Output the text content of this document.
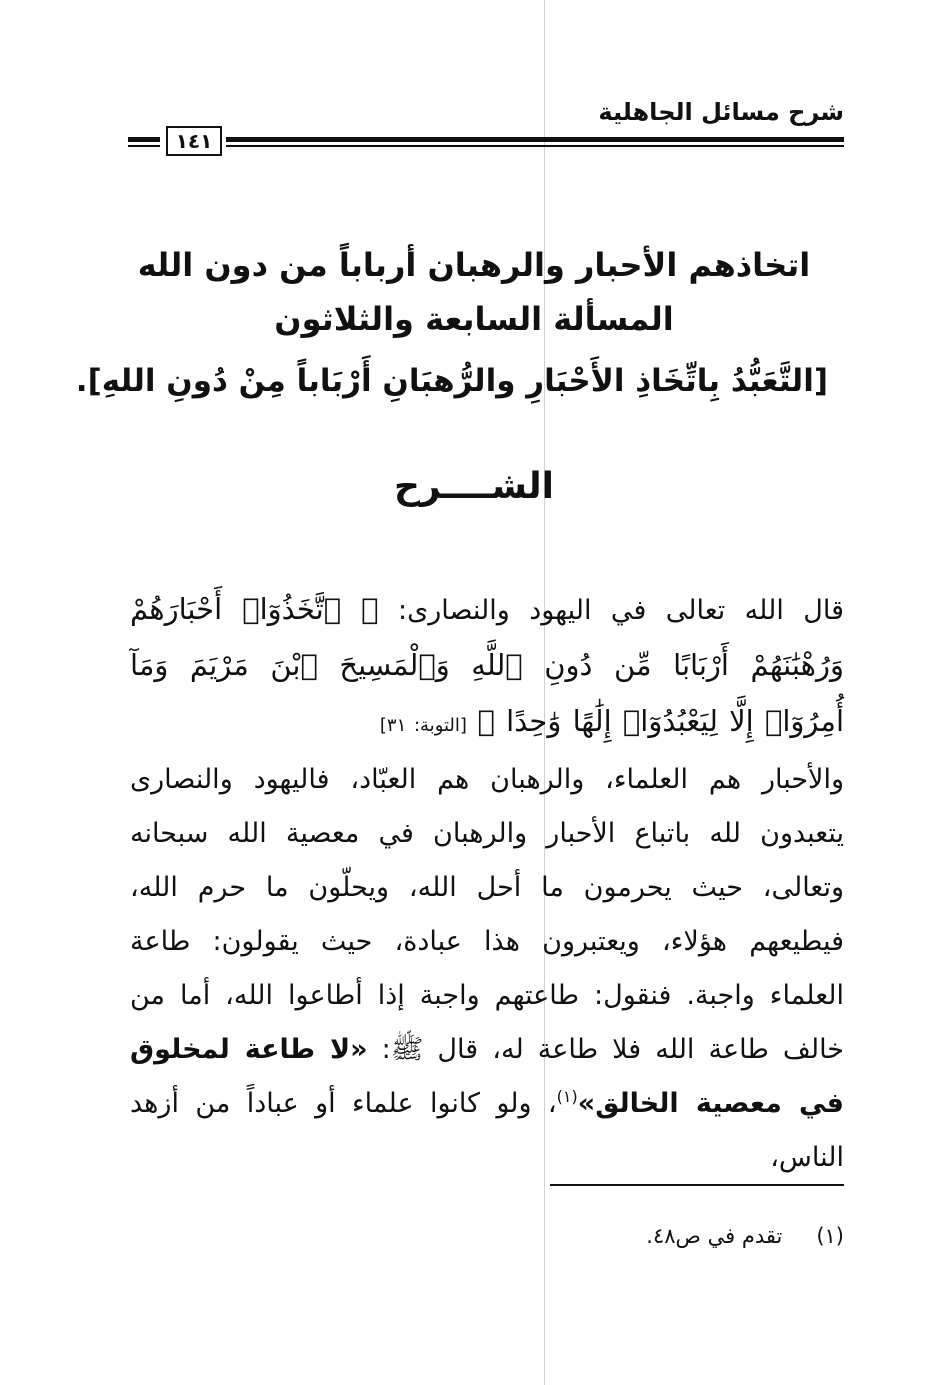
شرح مسائل الجاهلية
١٤١
اتخاذهم الأحبار والرهبان أرباباً من دون الله
المسألة السابعة والثلاثون
[التَّعَبُّدُ بِاتِّخَاذِ الأَحْبَارِ والرُّهبَانِ أَرْبَاباً مِنْ دُونِ اللهِ].
الشــــرح

قال الله تعالى في اليهود والنصارى: ﴿ ٱتَّخَذُوٓا۟ أَحْبَارَهُمْ وَرُهْبَٰنَهُمْ أَرْبَابًا مِّن دُونِ ٱللَّهِ وَٱلْمَسِيحَ ٱبْنَ مَرْيَمَ وَمَآ أُمِرُوٓا۟ إِلَّا لِيَعْبُدُوٓا۟ إِلَٰهًا وَٰحِدًا ﴾ [التوبة: ٣١]

والأحبار هم العلماء، والرهبان هم العبّاد، فاليهود والنصارى يتعبدون لله باتباع الأحبار والرهبان في معصية الله سبحانه وتعالى، حيث يحرمون ما أحل الله، ويحلّون ما حرم الله، فيطيعهم هؤلاء، ويعتبرون هذا عبادة، حيث يقولون: طاعة العلماء واجبة. فنقول: طاعتهم واجبة إذا أطاعوا الله، أما من خالف طاعة الله فلا طاعة له، قال ﷺ: «لا طاعة لمخلوق في معصية الخالق»$^{(١)}$، ولو كانوا علماء أو عباداً من أزهد الناس،

(١)تقدم في ص٤٨.
